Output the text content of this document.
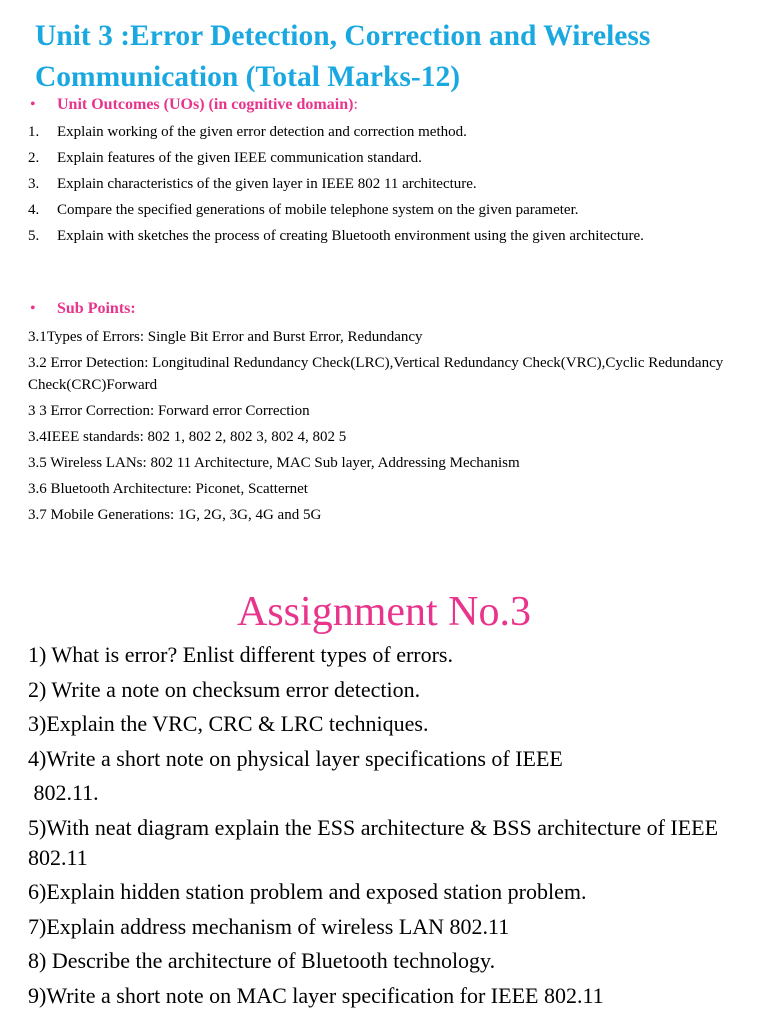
Unit 3 :Error Detection, Correction and Wireless Communication (Total Marks-12)
• Unit Outcomes (UOs) (in cognitive domain):
1.	Explain working of the given error detection and correction method.
2.	Explain features of the given IEEE communication standard.
3.	Explain characteristics of the given layer in IEEE 802 11 architecture.
4.	Compare the specified generations of mobile telephone system on the given parameter.
5.	Explain with sketches the process of creating Bluetooth environment using the given architecture.
• Sub Points:
3.1Types of Errors: Single Bit Error and Burst Error, Redundancy
3.2 Error Detection: Longitudinal Redundancy Check(LRC),Vertical Redundancy Check(VRC),Cyclic Redundancy Check(CRC)Forward
3 3 Error Correction: Forward error Correction
3.4IEEE standards: 802 1, 802 2, 802 3, 802 4, 802 5
3.5 Wireless LANs: 802 11 Architecture, MAC Sub layer, Addressing Mechanism
3.6 Bluetooth Architecture: Piconet, Scatternet
3.7 Mobile Generations: 1G, 2G, 3G, 4G and 5G
Assignment No.3
1) What is error? Enlist different types of errors.
2) Write a note on checksum error detection.
3)Explain the VRC, CRC & LRC techniques.
4)Write a short note on physical layer specifications of IEEE
802.11.
5)With neat diagram explain the ESS architecture & BSS architecture of IEEE 802.11
6)Explain hidden station problem and exposed station problem.
7)Explain address mechanism of wireless LAN 802.11
8) Describe the architecture of Bluetooth technology.
9)Write a short note on MAC layer specification for IEEE 802.11
